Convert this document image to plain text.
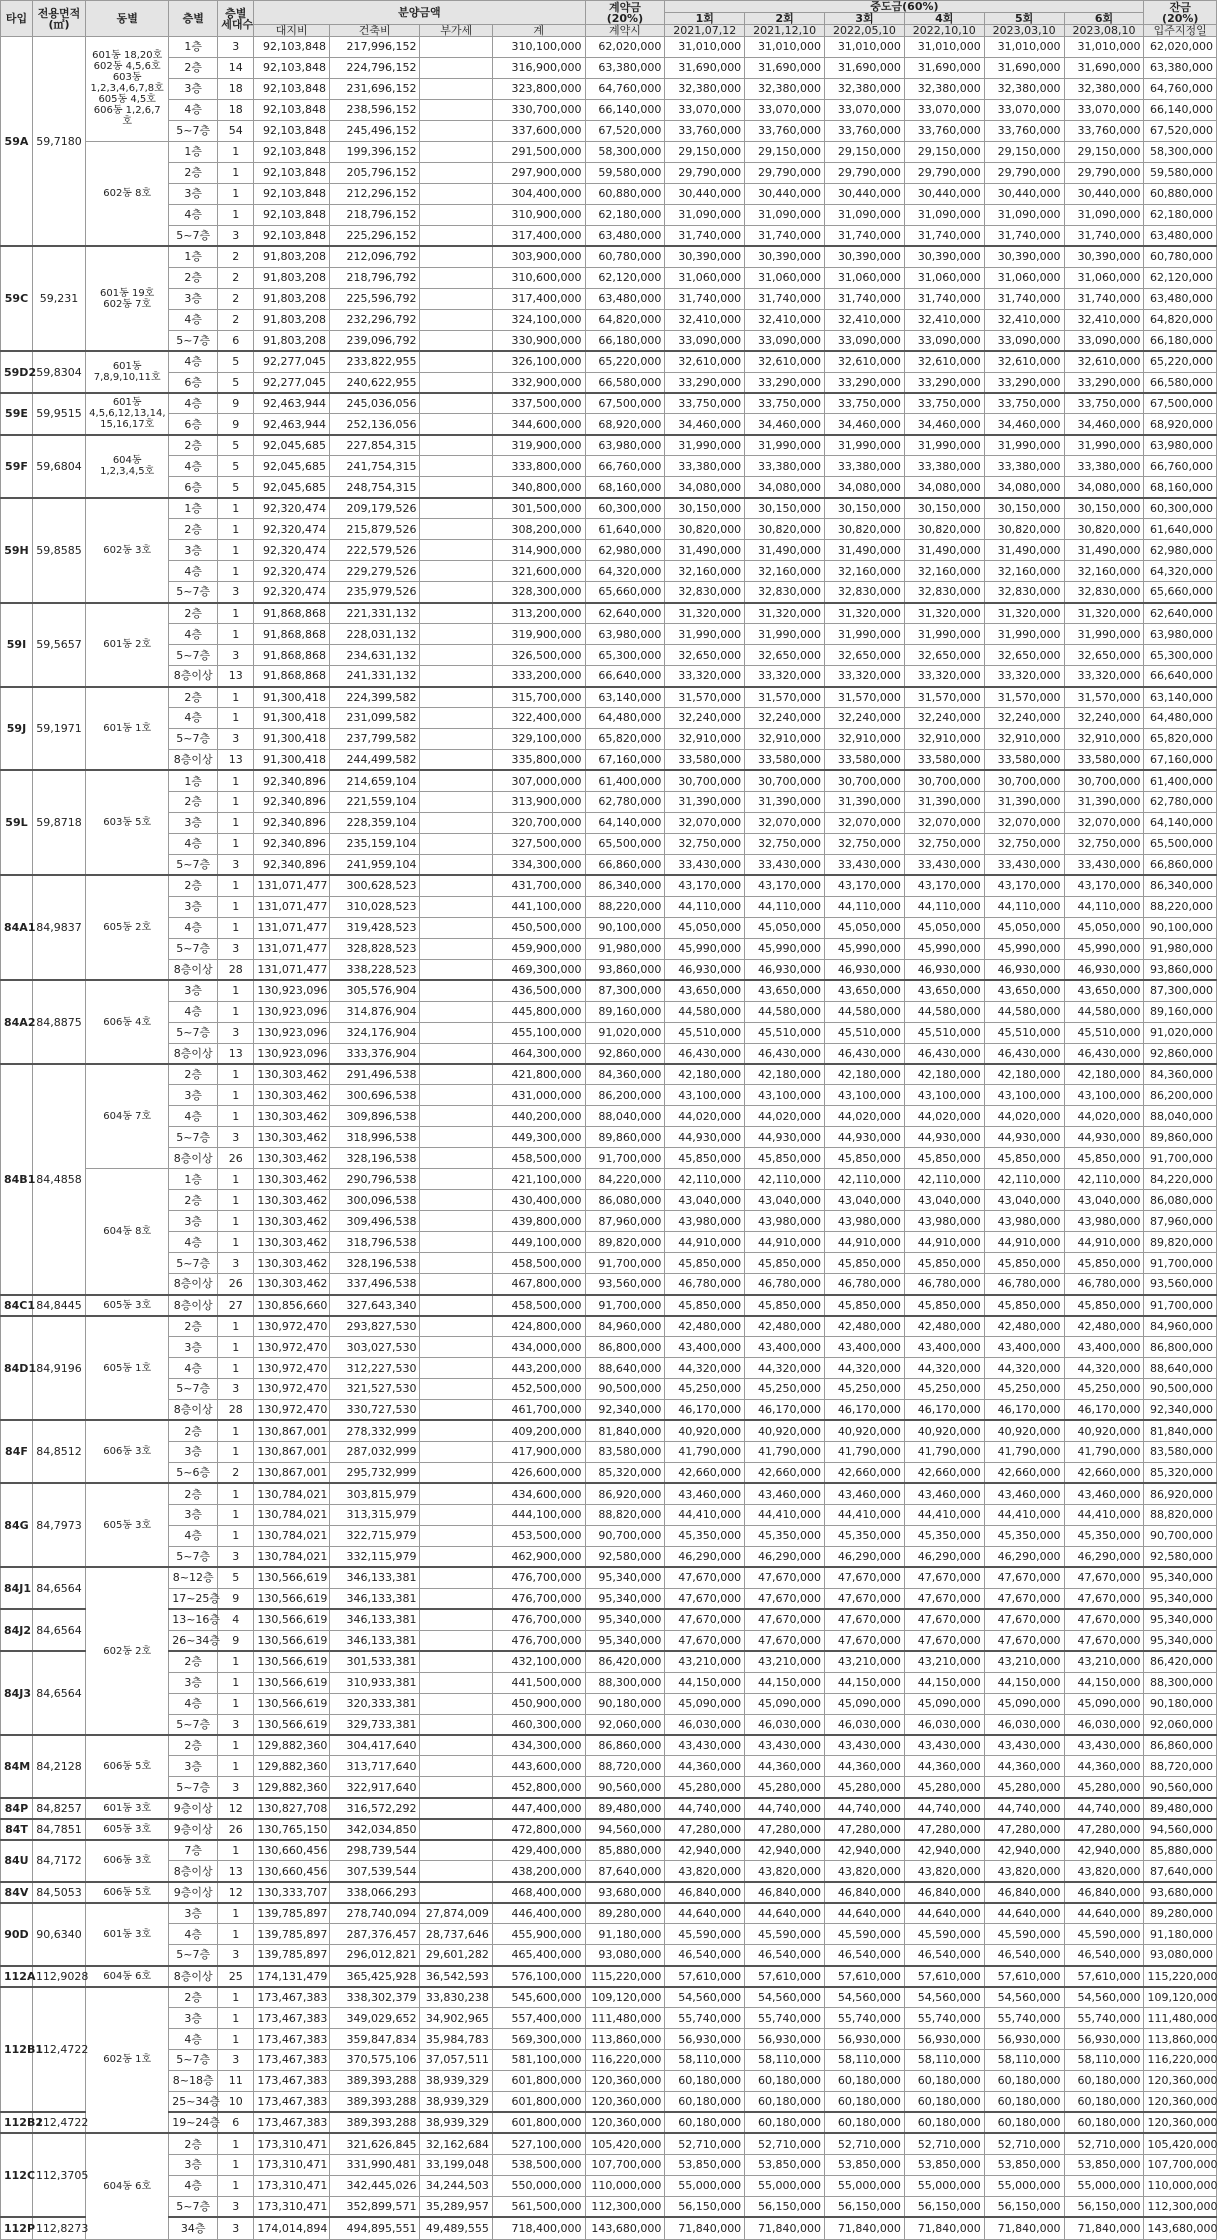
타입	전용면적
(㎡)	동별	층별	층별
세대수	분양금액				계약금
(20%)	중도금(60%)						잔금
(20%)
										1회	2회	3회	4회	5회	6회	
					대지비	건축비	부가세	계	계약시	2021,07,12	2021,12,10	2022,05,10	2022,10,10	2023,03,10	2023,08,10	입주지정일
59A	59,7180	601동 18,20호
602동 4,5,6호
603동 1,2,3,4,6,7,8호
605동 4,5호
606동 1,2,6,7호	1층	3	92,103,848	217,996,152		310,100,000	62,020,000	31,010,000	31,010,000	31,010,000	31,010,000	31,010,000	31,010,000	62,020,000
			2층	14	92,103,848	224,796,152		316,900,000	63,380,000	31,690,000	31,690,000	31,690,000	31,690,000	31,690,000	31,690,000	63,380,000
			3층	18	92,103,848	231,696,152		323,800,000	64,760,000	32,380,000	32,380,000	32,380,000	32,380,000	32,380,000	32,380,000	64,760,000
			4층	18	92,103,848	238,596,152		330,700,000	66,140,000	33,070,000	33,070,000	33,070,000	33,070,000	33,070,000	33,070,000	66,140,000
			5~7층	54	92,103,848	245,496,152		337,600,000	67,520,000	33,760,000	33,760,000	33,760,000	33,760,000	33,760,000	33,760,000	67,520,000
		602동 8호	1층	1	92,103,848	199,396,152		291,500,000	58,300,000	29,150,000	29,150,000	29,150,000	29,150,000	29,150,000	29,150,000	58,300,000
			2층	1	92,103,848	205,796,152		297,900,000	59,580,000	29,790,000	29,790,000	29,790,000	29,790,000	29,790,000	29,790,000	59,580,000
			3층	1	92,103,848	212,296,152		304,400,000	60,880,000	30,440,000	30,440,000	30,440,000	30,440,000	30,440,000	30,440,000	60,880,000
			4층	1	92,103,848	218,796,152		310,900,000	62,180,000	31,090,000	31,090,000	31,090,000	31,090,000	31,090,000	31,090,000	62,180,000
			5~7층	3	92,103,848	225,296,152		317,400,000	63,480,000	31,740,000	31,740,000	31,740,000	31,740,000	31,740,000	31,740,000	63,480,000
59C	59,231	601동 19호
602동 7호	1층	2	91,803,208	212,096,792		303,900,000	60,780,000	30,390,000	30,390,000	30,390,000	30,390,000	30,390,000	30,390,000	60,780,000
			2층	2	91,803,208	218,796,792		310,600,000	62,120,000	31,060,000	31,060,000	31,060,000	31,060,000	31,060,000	31,060,000	62,120,000
			3층	2	91,803,208	225,596,792		317,400,000	63,480,000	31,740,000	31,740,000	31,740,000	31,740,000	31,740,000	31,740,000	63,480,000
			4층	2	91,803,208	232,296,792		324,100,000	64,820,000	32,410,000	32,410,000	32,410,000	32,410,000	32,410,000	32,410,000	64,820,000
			5~7층	6	91,803,208	239,096,792		330,900,000	66,180,000	33,090,000	33,090,000	33,090,000	33,090,000	33,090,000	33,090,000	66,180,000
59D2	59,8304	601동
7,8,9,10,11호	4층	5	92,277,045	233,822,955		326,100,000	65,220,000	32,610,000	32,610,000	32,610,000	32,610,000	32,610,000	32,610,000	65,220,000
			6층	5	92,277,045	240,622,955		332,900,000	66,580,000	33,290,000	33,290,000	33,290,000	33,290,000	33,290,000	33,290,000	66,580,000
59E	59,9515	601동
4,5,6,12,13,14,
15,16,17호	4층	9	92,463,944	245,036,056		337,500,000	67,500,000	33,750,000	33,750,000	33,750,000	33,750,000	33,750,000	33,750,000	67,500,000
			6층	9	92,463,944	252,136,056		344,600,000	68,920,000	34,460,000	34,460,000	34,460,000	34,460,000	34,460,000	34,460,000	68,920,000
59F	59,6804	604동
1,2,3,4,5호	2층	5	92,045,685	227,854,315		319,900,000	63,980,000	31,990,000	31,990,000	31,990,000	31,990,000	31,990,000	31,990,000	63,980,000
			4층	5	92,045,685	241,754,315		333,800,000	66,760,000	33,380,000	33,380,000	33,380,000	33,380,000	33,380,000	33,380,000	66,760,000
			6층	5	92,045,685	248,754,315		340,800,000	68,160,000	34,080,000	34,080,000	34,080,000	34,080,000	34,080,000	34,080,000	68,160,000
59H	59,8585	602동 3호	1층	1	92,320,474	209,179,526		301,500,000	60,300,000	30,150,000	30,150,000	30,150,000	30,150,000	30,150,000	30,150,000	60,300,000
			2층	1	92,320,474	215,879,526		308,200,000	61,640,000	30,820,000	30,820,000	30,820,000	30,820,000	30,820,000	30,820,000	61,640,000
			3층	1	92,320,474	222,579,526		314,900,000	62,980,000	31,490,000	31,490,000	31,490,000	31,490,000	31,490,000	31,490,000	62,980,000
			4층	1	92,320,474	229,279,526		321,600,000	64,320,000	32,160,000	32,160,000	32,160,000	32,160,000	32,160,000	32,160,000	64,320,000
			5~7층	3	92,320,474	235,979,526		328,300,000	65,660,000	32,830,000	32,830,000	32,830,000	32,830,000	32,830,000	32,830,000	65,660,000
59I	59,5657	601동 2호	2층	1	91,868,868	221,331,132		313,200,000	62,640,000	31,320,000	31,320,000	31,320,000	31,320,000	31,320,000	31,320,000	62,640,000
			4층	1	91,868,868	228,031,132		319,900,000	63,980,000	31,990,000	31,990,000	31,990,000	31,990,000	31,990,000	31,990,000	63,980,000
			5~7층	3	91,868,868	234,631,132		326,500,000	65,300,000	32,650,000	32,650,000	32,650,000	32,650,000	32,650,000	32,650,000	65,300,000
			8층이상	13	91,868,868	241,331,132		333,200,000	66,640,000	33,320,000	33,320,000	33,320,000	33,320,000	33,320,000	33,320,000	66,640,000
59J	59,1971	601동 1호	2층	1	91,300,418	224,399,582		315,700,000	63,140,000	31,570,000	31,570,000	31,570,000	31,570,000	31,570,000	31,570,000	63,140,000
			4층	1	91,300,418	231,099,582		322,400,000	64,480,000	32,240,000	32,240,000	32,240,000	32,240,000	32,240,000	32,240,000	64,480,000
			5~7층	3	91,300,418	237,799,582		329,100,000	65,820,000	32,910,000	32,910,000	32,910,000	32,910,000	32,910,000	32,910,000	65,820,000
			8층이상	13	91,300,418	244,499,582		335,800,000	67,160,000	33,580,000	33,580,000	33,580,000	33,580,000	33,580,000	33,580,000	67,160,000
59L	59,8718	603동 5호	1층	1	92,340,896	214,659,104		307,000,000	61,400,000	30,700,000	30,700,000	30,700,000	30,700,000	30,700,000	30,700,000	61,400,000
			2층	1	92,340,896	221,559,104		313,900,000	62,780,000	31,390,000	31,390,000	31,390,000	31,390,000	31,390,000	31,390,000	62,780,000
			3층	1	92,340,896	228,359,104		320,700,000	64,140,000	32,070,000	32,070,000	32,070,000	32,070,000	32,070,000	32,070,000	64,140,000
			4층	1	92,340,896	235,159,104		327,500,000	65,500,000	32,750,000	32,750,000	32,750,000	32,750,000	32,750,000	32,750,000	65,500,000
			5~7층	3	92,340,896	241,959,104		334,300,000	66,860,000	33,430,000	33,430,000	33,430,000	33,430,000	33,430,000	33,430,000	66,860,000
84A1	84,9837	605동 2호	2층	1	131,071,477	300,628,523		431,700,000	86,340,000	43,170,000	43,170,000	43,170,000	43,170,000	43,170,000	43,170,000	86,340,000
			3층	1	131,071,477	310,028,523		441,100,000	88,220,000	44,110,000	44,110,000	44,110,000	44,110,000	44,110,000	44,110,000	88,220,000
			4층	1	131,071,477	319,428,523		450,500,000	90,100,000	45,050,000	45,050,000	45,050,000	45,050,000	45,050,000	45,050,000	90,100,000
			5~7층	3	131,071,477	328,828,523		459,900,000	91,980,000	45,990,000	45,990,000	45,990,000	45,990,000	45,990,000	45,990,000	91,980,000
			8층이상	28	131,071,477	338,228,523		469,300,000	93,860,000	46,930,000	46,930,000	46,930,000	46,930,000	46,930,000	46,930,000	93,860,000
84A2	84,8875	606동 4호	3층	1	130,923,096	305,576,904		436,500,000	87,300,000	43,650,000	43,650,000	43,650,000	43,650,000	43,650,000	43,650,000	87,300,000
			4층	1	130,923,096	314,876,904		445,800,000	89,160,000	44,580,000	44,580,000	44,580,000	44,580,000	44,580,000	44,580,000	89,160,000
			5~7층	3	130,923,096	324,176,904		455,100,000	91,020,000	45,510,000	45,510,000	45,510,000	45,510,000	45,510,000	45,510,000	91,020,000
			8층이상	13	130,923,096	333,376,904		464,300,000	92,860,000	46,430,000	46,430,000	46,430,000	46,430,000	46,430,000	46,430,000	92,860,000
84B1	84,4858	604동 7호	2층	1	130,303,462	291,496,538		421,800,000	84,360,000	42,180,000	42,180,000	42,180,000	42,180,000	42,180,000	42,180,000	84,360,000
			3층	1	130,303,462	300,696,538		431,000,000	86,200,000	43,100,000	43,100,000	43,100,000	43,100,000	43,100,000	43,100,000	86,200,000
			4층	1	130,303,462	309,896,538		440,200,000	88,040,000	44,020,000	44,020,000	44,020,000	44,020,000	44,020,000	44,020,000	88,040,000
			5~7층	3	130,303,462	318,996,538		449,300,000	89,860,000	44,930,000	44,930,000	44,930,000	44,930,000	44,930,000	44,930,000	89,860,000
			8층이상	26	130,303,462	328,196,538		458,500,000	91,700,000	45,850,000	45,850,000	45,850,000	45,850,000	45,850,000	45,850,000	91,700,000
		604동 8호	1층	1	130,303,462	290,796,538		421,100,000	84,220,000	42,110,000	42,110,000	42,110,000	42,110,000	42,110,000	42,110,000	84,220,000
			2층	1	130,303,462	300,096,538		430,400,000	86,080,000	43,040,000	43,040,000	43,040,000	43,040,000	43,040,000	43,040,000	86,080,000
			3층	1	130,303,462	309,496,538		439,800,000	87,960,000	43,980,000	43,980,000	43,980,000	43,980,000	43,980,000	43,980,000	87,960,000
			4층	1	130,303,462	318,796,538		449,100,000	89,820,000	44,910,000	44,910,000	44,910,000	44,910,000	44,910,000	44,910,000	89,820,000
			5~7층	3	130,303,462	328,196,538		458,500,000	91,700,000	45,850,000	45,850,000	45,850,000	45,850,000	45,850,000	45,850,000	91,700,000
			8층이상	26	130,303,462	337,496,538		467,800,000	93,560,000	46,780,000	46,780,000	46,780,000	46,780,000	46,780,000	46,780,000	93,560,000
84C1	84,8445	605동 3호	8층이상	27	130,856,660	327,643,340		458,500,000	91,700,000	45,850,000	45,850,000	45,850,000	45,850,000	45,850,000	45,850,000	91,700,000
84D1	84,9196	605동 1호	2층	1	130,972,470	293,827,530		424,800,000	84,960,000	42,480,000	42,480,000	42,480,000	42,480,000	42,480,000	42,480,000	84,960,000
			3층	1	130,972,470	303,027,530		434,000,000	86,800,000	43,400,000	43,400,000	43,400,000	43,400,000	43,400,000	43,400,000	86,800,000
			4층	1	130,972,470	312,227,530		443,200,000	88,640,000	44,320,000	44,320,000	44,320,000	44,320,000	44,320,000	44,320,000	88,640,000
			5~7층	3	130,972,470	321,527,530		452,500,000	90,500,000	45,250,000	45,250,000	45,250,000	45,250,000	45,250,000	45,250,000	90,500,000
			8층이상	28	130,972,470	330,727,530		461,700,000	92,340,000	46,170,000	46,170,000	46,170,000	46,170,000	46,170,000	46,170,000	92,340,000
84F	84,8512	606동 3호	2층	1	130,867,001	278,332,999		409,200,000	81,840,000	40,920,000	40,920,000	40,920,000	40,920,000	40,920,000	40,920,000	81,840,000
			3층	1	130,867,001	287,032,999		417,900,000	83,580,000	41,790,000	41,790,000	41,790,000	41,790,000	41,790,000	41,790,000	83,580,000
			5~6층	2	130,867,001	295,732,999		426,600,000	85,320,000	42,660,000	42,660,000	42,660,000	42,660,000	42,660,000	42,660,000	85,320,000
84G	84,7973	605동 3호	2층	1	130,784,021	303,815,979		434,600,000	86,920,000	43,460,000	43,460,000	43,460,000	43,460,000	43,460,000	43,460,000	86,920,000
			3층	1	130,784,021	313,315,979		444,100,000	88,820,000	44,410,000	44,410,000	44,410,000	44,410,000	44,410,000	44,410,000	88,820,000
			4층	1	130,784,021	322,715,979		453,500,000	90,700,000	45,350,000	45,350,000	45,350,000	45,350,000	45,350,000	45,350,000	90,700,000
			5~7층	3	130,784,021	332,115,979		462,900,000	92,580,000	46,290,000	46,290,000	46,290,000	46,290,000	46,290,000	46,290,000	92,580,000
84J1	84,6564	602동 2호	8~12층	5	130,566,619	346,133,381		476,700,000	95,340,000	47,670,000	47,670,000	47,670,000	47,670,000	47,670,000	47,670,000	95,340,000
			17~25층	9	130,566,619	346,133,381		476,700,000	95,340,000	47,670,000	47,670,000	47,670,000	47,670,000	47,670,000	47,670,000	95,340,000
84J2	84,6564		13~16층	4	130,566,619	346,133,381		476,700,000	95,340,000	47,670,000	47,670,000	47,670,000	47,670,000	47,670,000	47,670,000	95,340,000
			26~34층	9	130,566,619	346,133,381		476,700,000	95,340,000	47,670,000	47,670,000	47,670,000	47,670,000	47,670,000	47,670,000	95,340,000
84J3	84,6564		2층	1	130,566,619	301,533,381		432,100,000	86,420,000	43,210,000	43,210,000	43,210,000	43,210,000	43,210,000	43,210,000	86,420,000
			3층	1	130,566,619	310,933,381		441,500,000	88,300,000	44,150,000	44,150,000	44,150,000	44,150,000	44,150,000	44,150,000	88,300,000
			4층	1	130,566,619	320,333,381		450,900,000	90,180,000	45,090,000	45,090,000	45,090,000	45,090,000	45,090,000	45,090,000	90,180,000
			5~7층	3	130,566,619	329,733,381		460,300,000	92,060,000	46,030,000	46,030,000	46,030,000	46,030,000	46,030,000	46,030,000	92,060,000
84M	84,2128	606동 5호	2층	1	129,882,360	304,417,640		434,300,000	86,860,000	43,430,000	43,430,000	43,430,000	43,430,000	43,430,000	43,430,000	86,860,000
			3층	1	129,882,360	313,717,640		443,600,000	88,720,000	44,360,000	44,360,000	44,360,000	44,360,000	44,360,000	44,360,000	88,720,000
			5~7층	3	129,882,360	322,917,640		452,800,000	90,560,000	45,280,000	45,280,000	45,280,000	45,280,000	45,280,000	45,280,000	90,560,000
84P	84,8257	601동 3호	9층이상	12	130,827,708	316,572,292		447,400,000	89,480,000	44,740,000	44,740,000	44,740,000	44,740,000	44,740,000	44,740,000	89,480,000
84T	84,7851	605동 3호	9층이상	26	130,765,150	342,034,850		472,800,000	94,560,000	47,280,000	47,280,000	47,280,000	47,280,000	47,280,000	47,280,000	94,560,000
84U	84,7172	606동 3호	7층	1	130,660,456	298,739,544		429,400,000	85,880,000	42,940,000	42,940,000	42,940,000	42,940,000	42,940,000	42,940,000	85,880,000
			8층이상	13	130,660,456	307,539,544		438,200,000	87,640,000	43,820,000	43,820,000	43,820,000	43,820,000	43,820,000	43,820,000	87,640,000
84V	84,5053	606동 5호	9층이상	12	130,333,707	338,066,293		468,400,000	93,680,000	46,840,000	46,840,000	46,840,000	46,840,000	46,840,000	46,840,000	93,680,000
90D	90,6340	601동 3호	3층	1	139,785,897	278,740,094	27,874,009	446,400,000	89,280,000	44,640,000	44,640,000	44,640,000	44,640,000	44,640,000	44,640,000	89,280,000
			4층	1	139,785,897	287,376,457	28,737,646	455,900,000	91,180,000	45,590,000	45,590,000	45,590,000	45,590,000	45,590,000	45,590,000	91,180,000
			5~7층	3	139,785,897	296,012,821	29,601,282	465,400,000	93,080,000	46,540,000	46,540,000	46,540,000	46,540,000	46,540,000	46,540,000	93,080,000
112A	112,9028	604동 6호	8층이상	25	174,131,479	365,425,928	36,542,593	576,100,000	115,220,000	57,610,000	57,610,000	57,610,000	57,610,000	57,610,000	57,610,000	115,220,000
112B1	112,4722	602동 1호	2층	1	173,467,383	338,302,379	33,830,238	545,600,000	109,120,000	54,560,000	54,560,000	54,560,000	54,560,000	54,560,000	54,560,000	109,120,000
			3층	1	173,467,383	349,029,652	34,902,965	557,400,000	111,480,000	55,740,000	55,740,000	55,740,000	55,740,000	55,740,000	55,740,000	111,480,000
			4층	1	173,467,383	359,847,834	35,984,783	569,300,000	113,860,000	56,930,000	56,930,000	56,930,000	56,930,000	56,930,000	56,930,000	113,860,000
			5~7층	3	173,467,383	370,575,106	37,057,511	581,100,000	116,220,000	58,110,000	58,110,000	58,110,000	58,110,000	58,110,000	58,110,000	116,220,000
			8~18층	11	173,467,383	389,393,288	38,939,329	601,800,000	120,360,000	60,180,000	60,180,000	60,180,000	60,180,000	60,180,000	60,180,000	120,360,000
			25~34층	10	173,467,383	389,393,288	38,939,329	601,800,000	120,360,000	60,180,000	60,180,000	60,180,000	60,180,000	60,180,000	60,180,000	120,360,000
112B2	112,4722		19~24층	6	173,467,383	389,393,288	38,939,329	601,800,000	120,360,000	60,180,000	60,180,000	60,180,000	60,180,000	60,180,000	60,180,000	120,360,000
112C	112,3705	604동 6호	2층	1	173,310,471	321,626,845	32,162,684	527,100,000	105,420,000	52,710,000	52,710,000	52,710,000	52,710,000	52,710,000	52,710,000	105,420,000
			3층	1	173,310,471	331,990,481	33,199,048	538,500,000	107,700,000	53,850,000	53,850,000	53,850,000	53,850,000	53,850,000	53,850,000	107,700,000
			4층	1	173,310,471	342,445,026	34,244,503	550,000,000	110,000,000	55,000,000	55,000,000	55,000,000	55,000,000	55,000,000	55,000,000	110,000,000
			5~7층	3	173,310,471	352,899,571	35,289,957	561,500,000	112,300,000	56,150,000	56,150,000	56,150,000	56,150,000	56,150,000	56,150,000	112,300,000
112P	112,8273		34층	3	174,014,894	494,895,551	49,489,555	718,400,000	143,680,000	71,840,000	71,840,000	71,840,000	71,840,000	71,840,000	71,840,000	143,680,000
